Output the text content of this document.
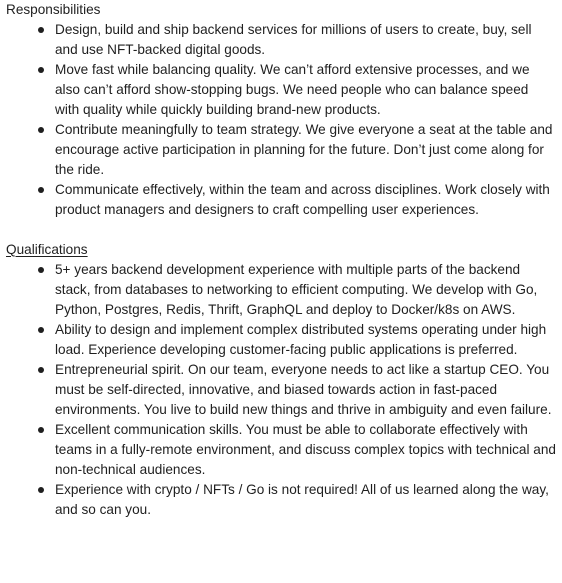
Responsibilities
Design, build and ship backend services for millions of users to create, buy, sell and use NFT-backed digital goods.
Move fast while balancing quality. We can’t afford extensive processes, and we also can’t afford show-stopping bugs. We need people who can balance speed with quality while quickly building brand-new products.
Contribute meaningfully to team strategy. We give everyone a seat at the table and encourage active participation in planning for the future. Don’t just come along for the ride.
Communicate effectively, within the team and across disciplines. Work closely with product managers and designers to craft compelling user experiences.
Qualifications
5+ years backend development experience with multiple parts of the backend stack, from databases to networking to efficient computing. We develop with Go, Python, Postgres, Redis, Thrift, GraphQL and deploy to Docker/k8s on AWS.
Ability to design and implement complex distributed systems operating under high load. Experience developing customer-facing public applications is preferred.
Entrepreneurial spirit. On our team, everyone needs to act like a startup CEO. You must be self-directed, innovative, and biased towards action in fast-paced environments. You live to build new things and thrive in ambiguity and even failure.
Excellent communication skills. You must be able to collaborate effectively with teams in a fully-remote environment, and discuss complex topics with technical and non-technical audiences.
Experience with crypto / NFTs / Go is not required! All of us learned along the way, and so can you.
